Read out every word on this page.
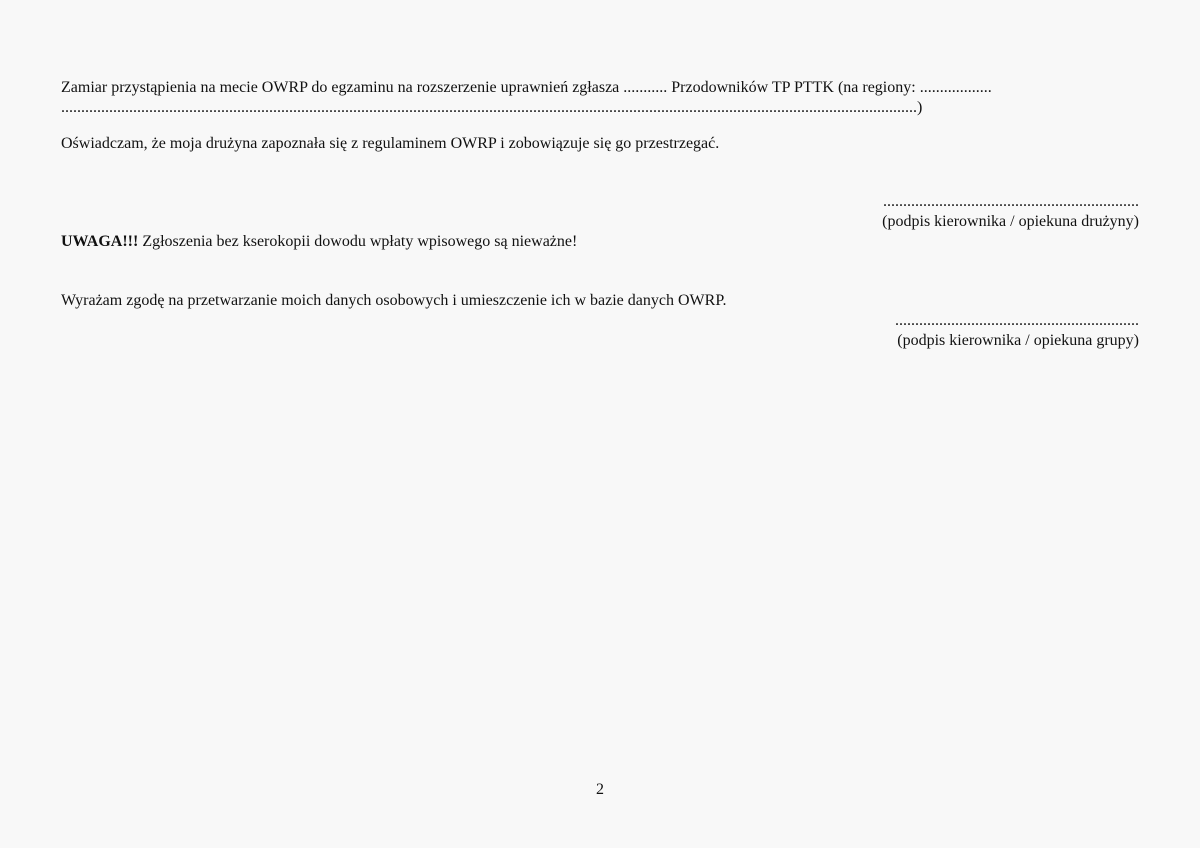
Zamiar przystąpienia na mecie OWRP do egzaminu na rozszerzenie uprawnień zgłasza ........... Przodowników TP PTTK (na regiony: ..................
......................................................................................................................................................................................................................)
Oświadczam, że moja drużyna zapoznała się z regulaminem OWRP i zobowiązuje się go przestrzegać.
................................................................
(podpis kierownika / opiekuna drużyny)
UWAGA!!! Zgłoszenia bez kserokopii dowodu wpłaty wpisowego są nieważne!
Wyrażam zgodę na przetwarzanie moich danych osobowych i umieszczenie ich w bazie danych OWRP.
.............................................................
(podpis kierownika / opiekuna grupy)
2
